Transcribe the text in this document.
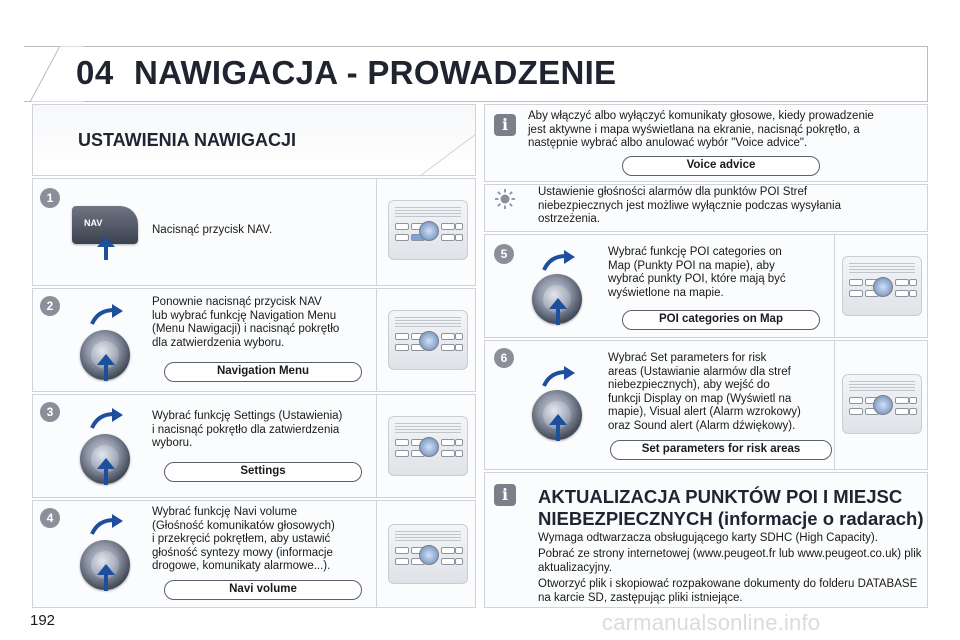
04 NAWIGACJA - PROWADZENIE
USTAWIENIA NAWIGACJI
1
NAV
Nacisnąć przycisk NAV.
2	Ponownie nacisnąć przycisk NAV
lub wybrać funkcję Navigation Menu
(Menu Nawigacji) i nacisnąć pokrętło
dla zatwierdzenia wyboru.
Navigation Menu
3	Wybrać funkcję Settings (Ustawienia)
i nacisnąć pokrętło dla zatwierdzenia
wyboru.
Settings
4	Wybrać funkcję Navi volume
(Głośność komunikatów głosowych)
i przekręcić pokrętłem, aby ustawić
głośność syntezy mowy (informacje
drogowe, komunikaty alarmowe...).
Navi volume
i	Aby włączyć albo wyłączyć komunikaty głosowe, kiedy prowadzenie
jest aktywne i mapa wyświetlana na ekranie, nacisnąć pokrętło, a
następnie wybrać albo anulować wybór "Voice advice".
Voice advice
Ustawienie głośności alarmów dla punktów POI Stref
niebezpiecznych jest możliwe wyłącznie podczas wysyłania
ostrzeżenia.
5	Wybrać funkcję POI categories on
Map (Punkty POI na mapie), aby
wybrać punkty POI, które mają być
wyświetlone na mapie.
POI categories on Map
6	Wybrać Set parameters for risk
areas (Ustawianie alarmów dla stref
niebezpiecznych), aby wejść do
funkcji Display on map (Wyświetl na
mapie), Visual alert (Alarm wzrokowy)
oraz Sound alert (Alarm dźwiękowy).
Set parameters for risk areas
i	AKTUALIZACJA PUNKTÓW POI I MIEJSC NIEBEZPIECZNYCH (informacje o radarach)
Wymaga odtwarzacza obsługującego karty SDHC (High Capacity).
Pobrać ze strony internetowej (www.peugeot.fr lub www.peugeot.co.uk) plik aktualizacyjny.
Otworzyć plik i skopiować rozpakowane dokumenty do folderu DATABASE na karcie SD, zastępując pliki istniejące.
192	carmanualsonline.info
